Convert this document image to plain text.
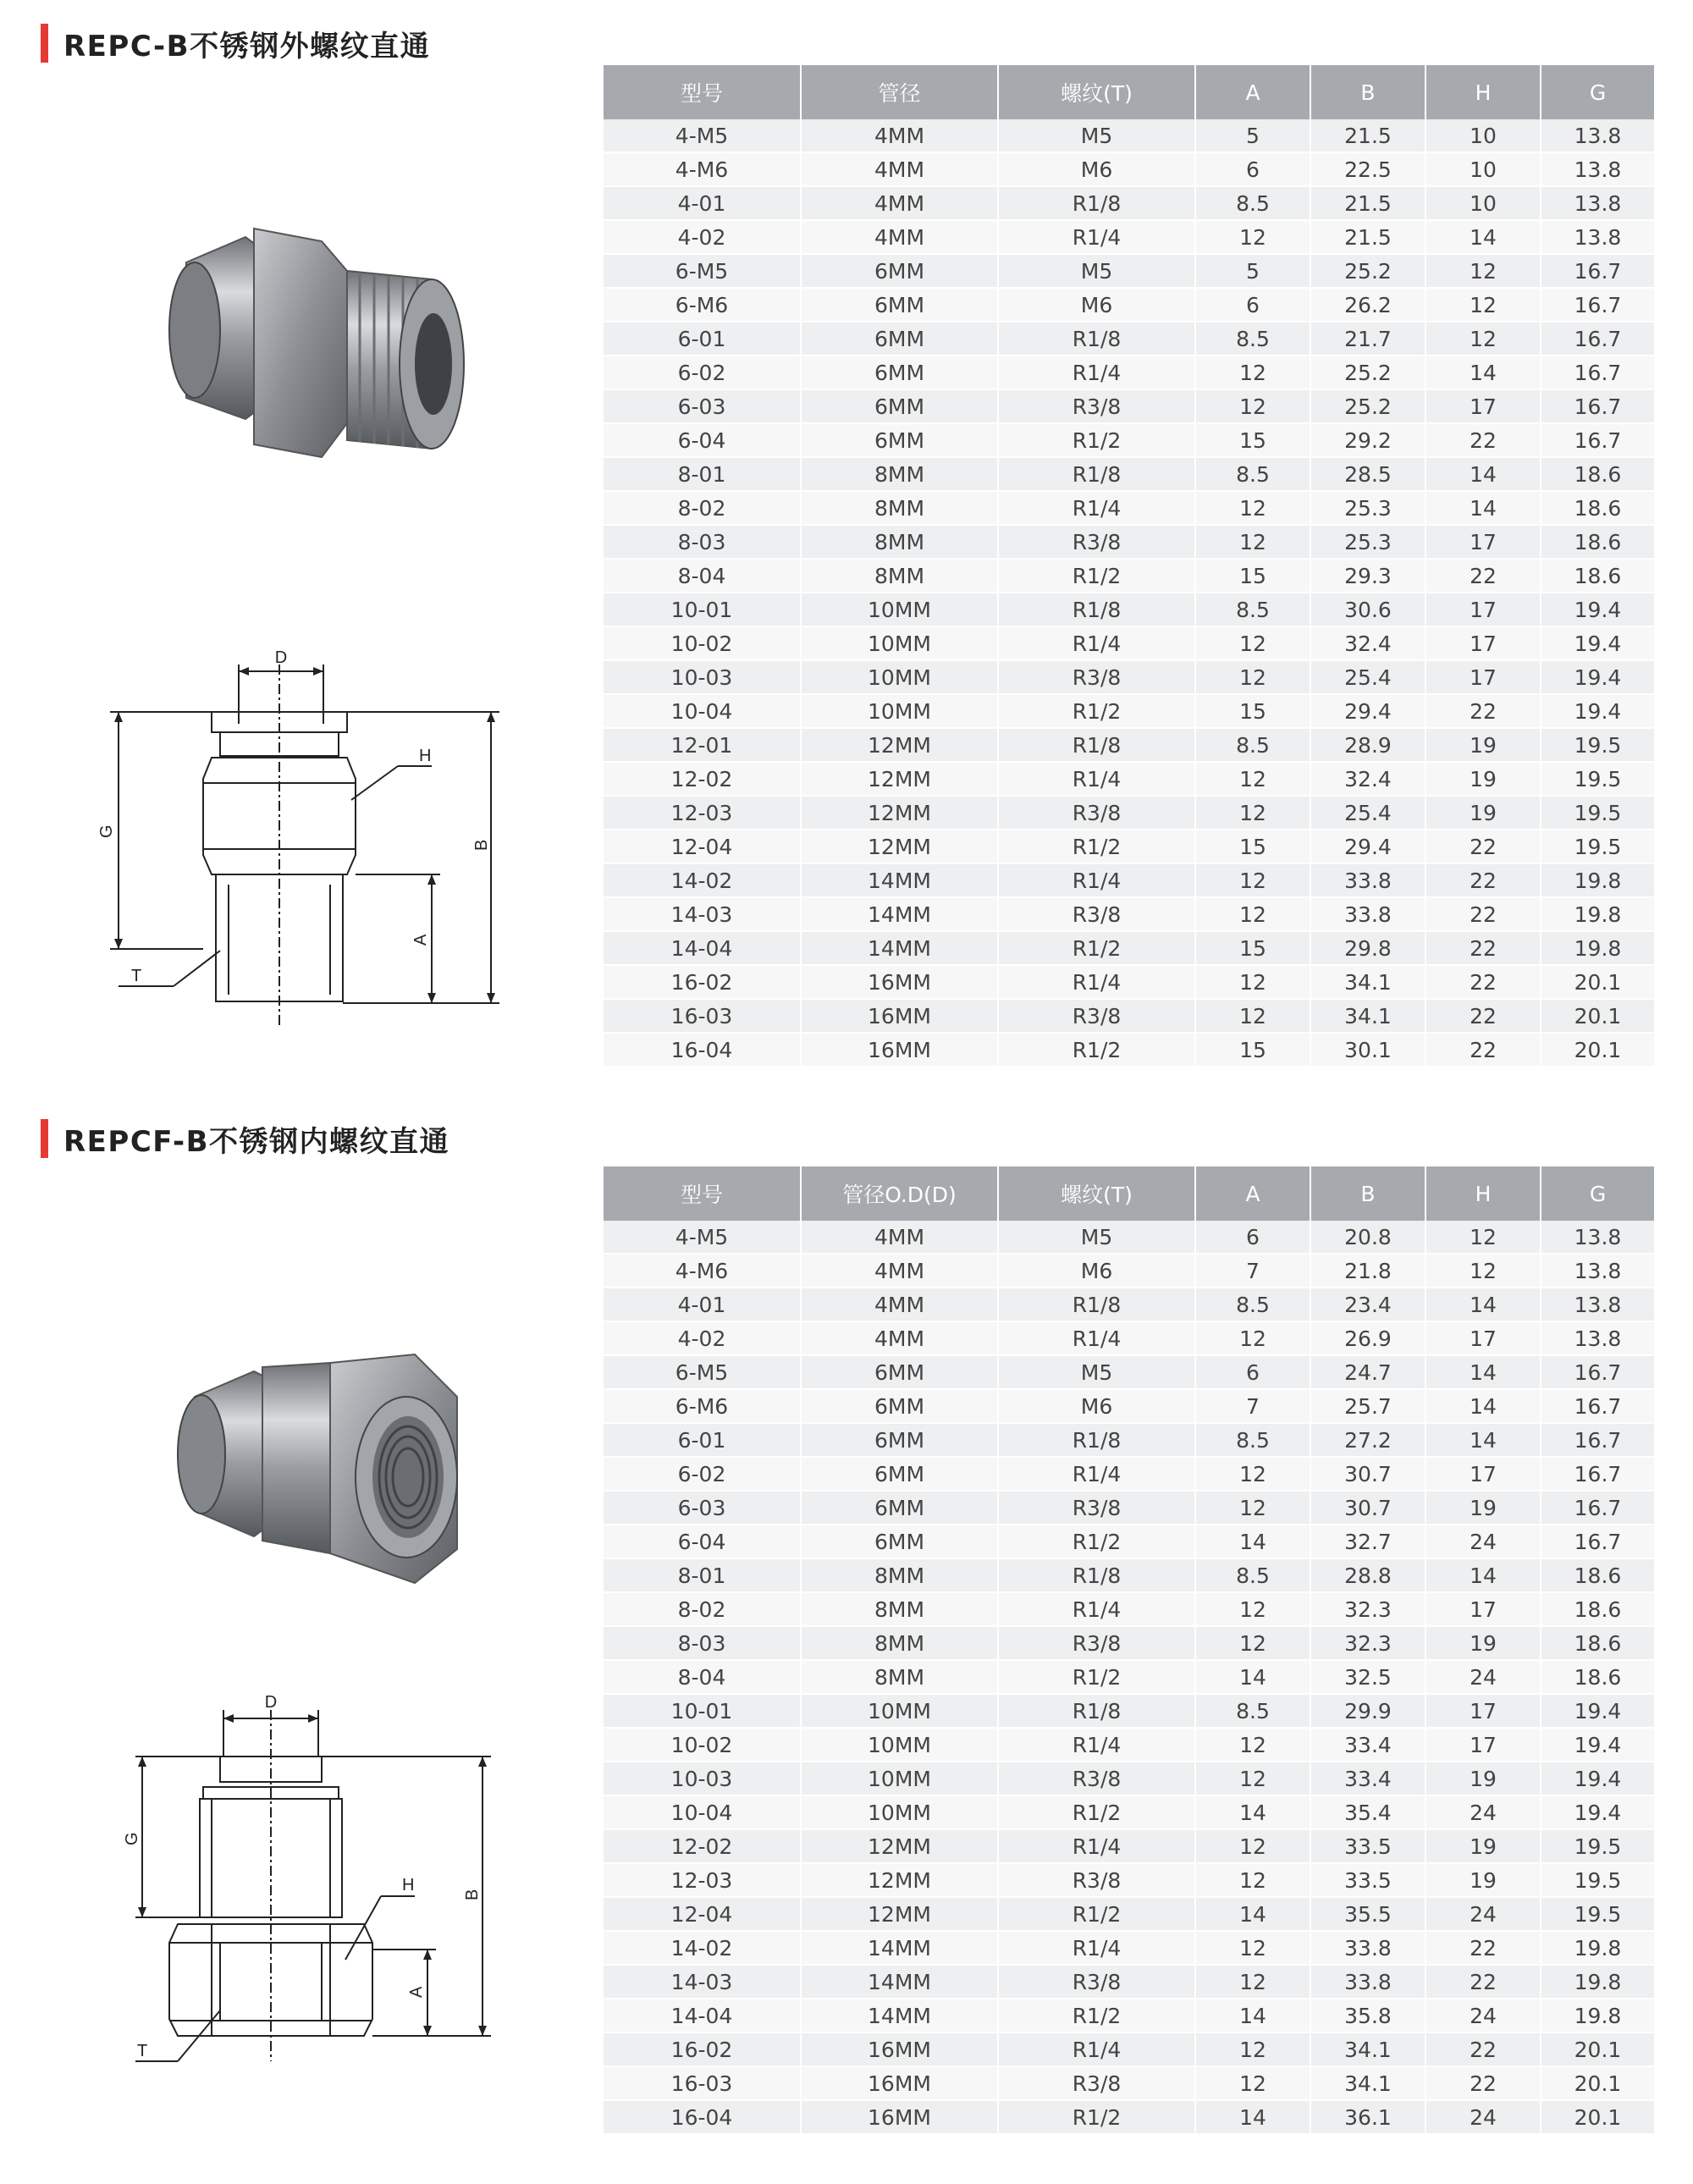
REPC-B不锈钢外螺纹直通
D
H
G
B
A
T
型号	管径	螺纹(T)	A	B	H	G
4-M5	4MM	M5	5	21.5	10	13.8
4-M6	4MM	M6	6	22.5	10	13.8
4-01	4MM	R1/8	8.5	21.5	10	13.8
4-02	4MM	R1/4	12	21.5	14	13.8
6-M5	6MM	M5	5	25.2	12	16.7
6-M6	6MM	M6	6	26.2	12	16.7
6-01	6MM	R1/8	8.5	21.7	12	16.7
6-02	6MM	R1/4	12	25.2	14	16.7
6-03	6MM	R3/8	12	25.2	17	16.7
6-04	6MM	R1/2	15	29.2	22	16.7
8-01	8MM	R1/8	8.5	28.5	14	18.6
8-02	8MM	R1/4	12	25.3	14	18.6
8-03	8MM	R3/8	12	25.3	17	18.6
8-04	8MM	R1/2	15	29.3	22	18.6
10-01	10MM	R1/8	8.5	30.6	17	19.4
10-02	10MM	R1/4	12	32.4	17	19.4
10-03	10MM	R3/8	12	25.4	17	19.4
10-04	10MM	R1/2	15	29.4	22	19.4
12-01	12MM	R1/8	8.5	28.9	19	19.5
12-02	12MM	R1/4	12	32.4	19	19.5
12-03	12MM	R3/8	12	25.4	19	19.5
12-04	12MM	R1/2	15	29.4	22	19.5
14-02	14MM	R1/4	12	33.8	22	19.8
14-03	14MM	R3/8	12	33.8	22	19.8
14-04	14MM	R1/2	15	29.8	22	19.8
16-02	16MM	R1/4	12	34.1	22	20.1
16-03	16MM	R3/8	12	34.1	22	20.1
16-04	16MM	R1/2	15	30.1	22	20.1
REPCF-B不锈钢内螺纹直通
D
H
G
B
A
T
型号	管径O.D(D)	螺纹(T)	A	B	H	G
4-M5	4MM	M5	6	20.8	12	13.8
4-M6	4MM	M6	7	21.8	12	13.8
4-01	4MM	R1/8	8.5	23.4	14	13.8
4-02	4MM	R1/4	12	26.9	17	13.8
6-M5	6MM	M5	6	24.7	14	16.7
6-M6	6MM	M6	7	25.7	14	16.7
6-01	6MM	R1/8	8.5	27.2	14	16.7
6-02	6MM	R1/4	12	30.7	17	16.7
6-03	6MM	R3/8	12	30.7	19	16.7
6-04	6MM	R1/2	14	32.7	24	16.7
8-01	8MM	R1/8	8.5	28.8	14	18.6
8-02	8MM	R1/4	12	32.3	17	18.6
8-03	8MM	R3/8	12	32.3	19	18.6
8-04	8MM	R1/2	14	32.5	24	18.6
10-01	10MM	R1/8	8.5	29.9	17	19.4
10-02	10MM	R1/4	12	33.4	17	19.4
10-03	10MM	R3/8	12	33.4	19	19.4
10-04	10MM	R1/2	14	35.4	24	19.4
12-02	12MM	R1/4	12	33.5	19	19.5
12-03	12MM	R3/8	12	33.5	19	19.5
12-04	12MM	R1/2	14	35.5	24	19.5
14-02	14MM	R1/4	12	33.8	22	19.8
14-03	14MM	R3/8	12	33.8	22	19.8
14-04	14MM	R1/2	14	35.8	24	19.8
16-02	16MM	R1/4	12	34.1	22	20.1
16-03	16MM	R3/8	12	34.1	22	20.1
16-04	16MM	R1/2	14	36.1	24	20.1
